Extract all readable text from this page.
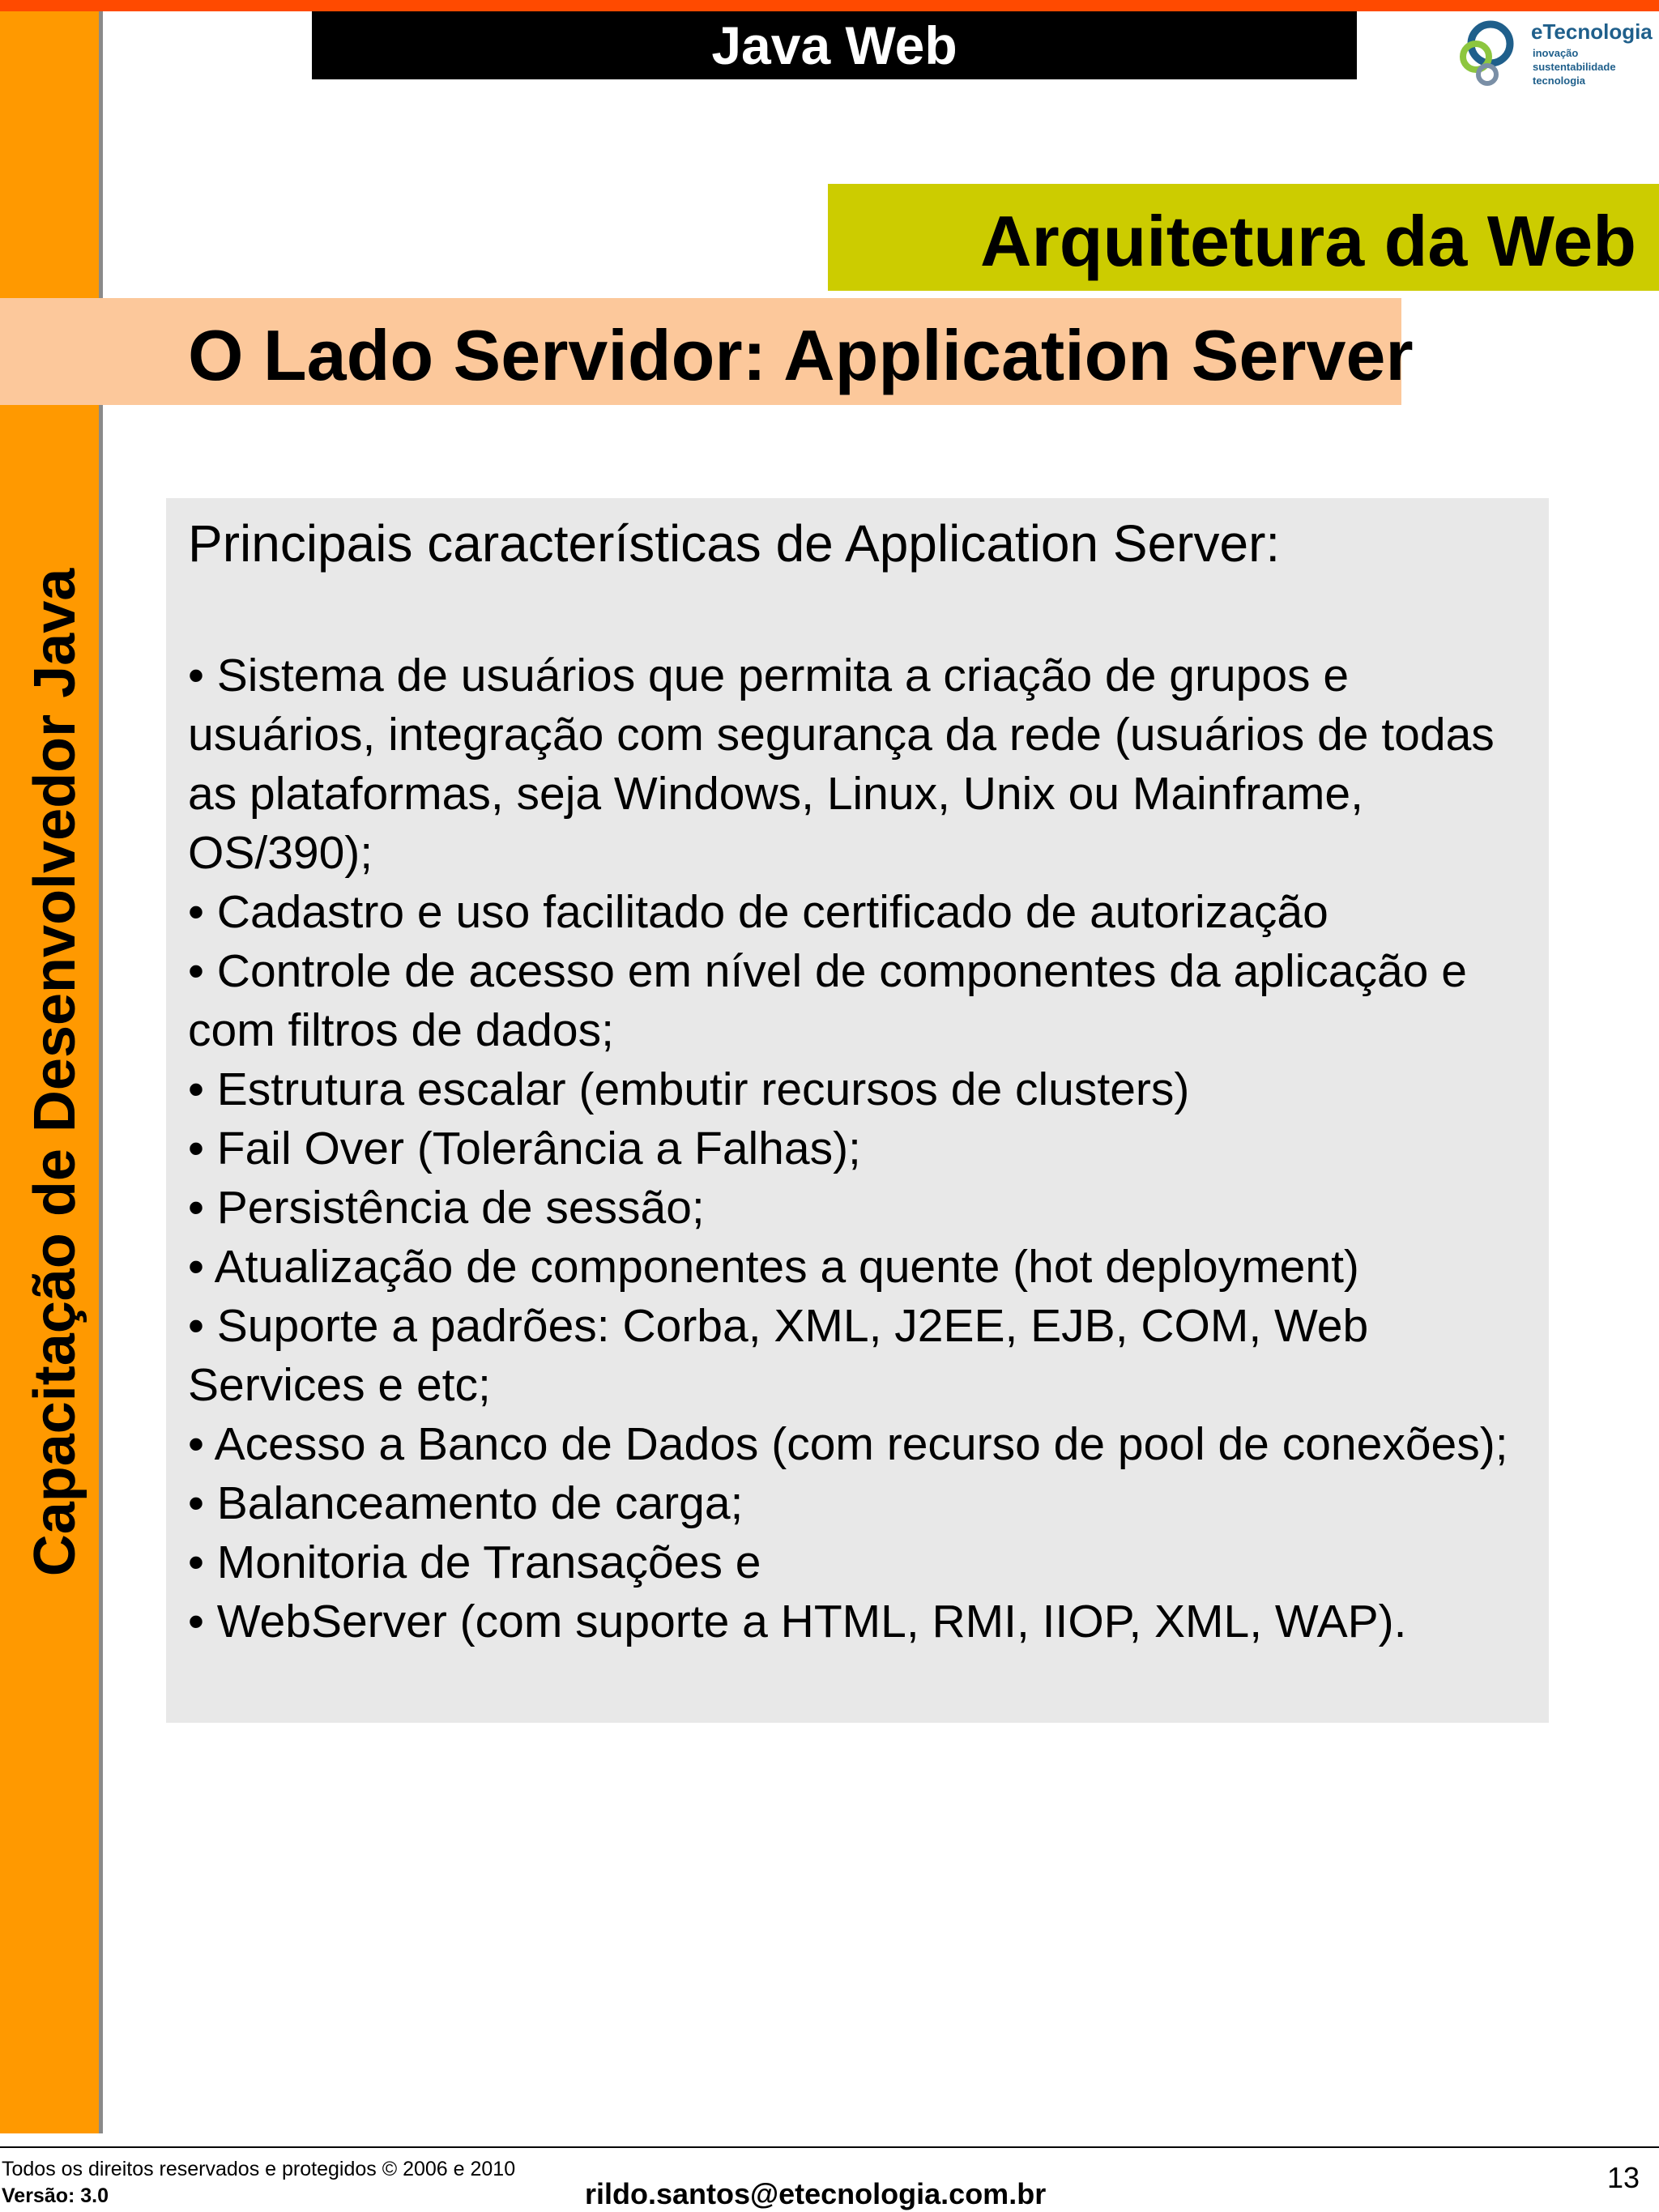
Capacitação de Desenvolvedor Java
Java Web	eTecnologia
inovação
sustentabilidade
tecnologia
Arquitetura da Web
O Lado Servidor: Application Server
Principais características de Application Server:
• Sistema de usuários que permita a criação de grupos e usuários, integração com segurança da rede (usuários de todas as plataformas, seja Windows, Linux, Unix ou Mainframe, OS/390);
• Cadastro e uso facilitado de certificado de autorização
• Controle de acesso em nível de componentes da aplicação e com filtros de dados;
• Estrutura escalar (embutir recursos de clusters)
• Fail Over (Tolerância a Falhas);
• Persistência de sessão;
• Atualização de componentes a quente (hot deployment)
• Suporte a padrões: Corba, XML, J2EE, EJB, COM, Web Services e etc;
• Acesso a Banco de Dados (com recurso de pool de conexões);
• Balanceamento de carga;
• Monitoria de Transações e
• WebServer (com suporte a HTML, RMI, IIOP, XML, WAP).
Todos os direitos reservados e protegidos © 2006 e 2010
Versão: 3.0	rildo.santos@etecnologia.com.br	13
